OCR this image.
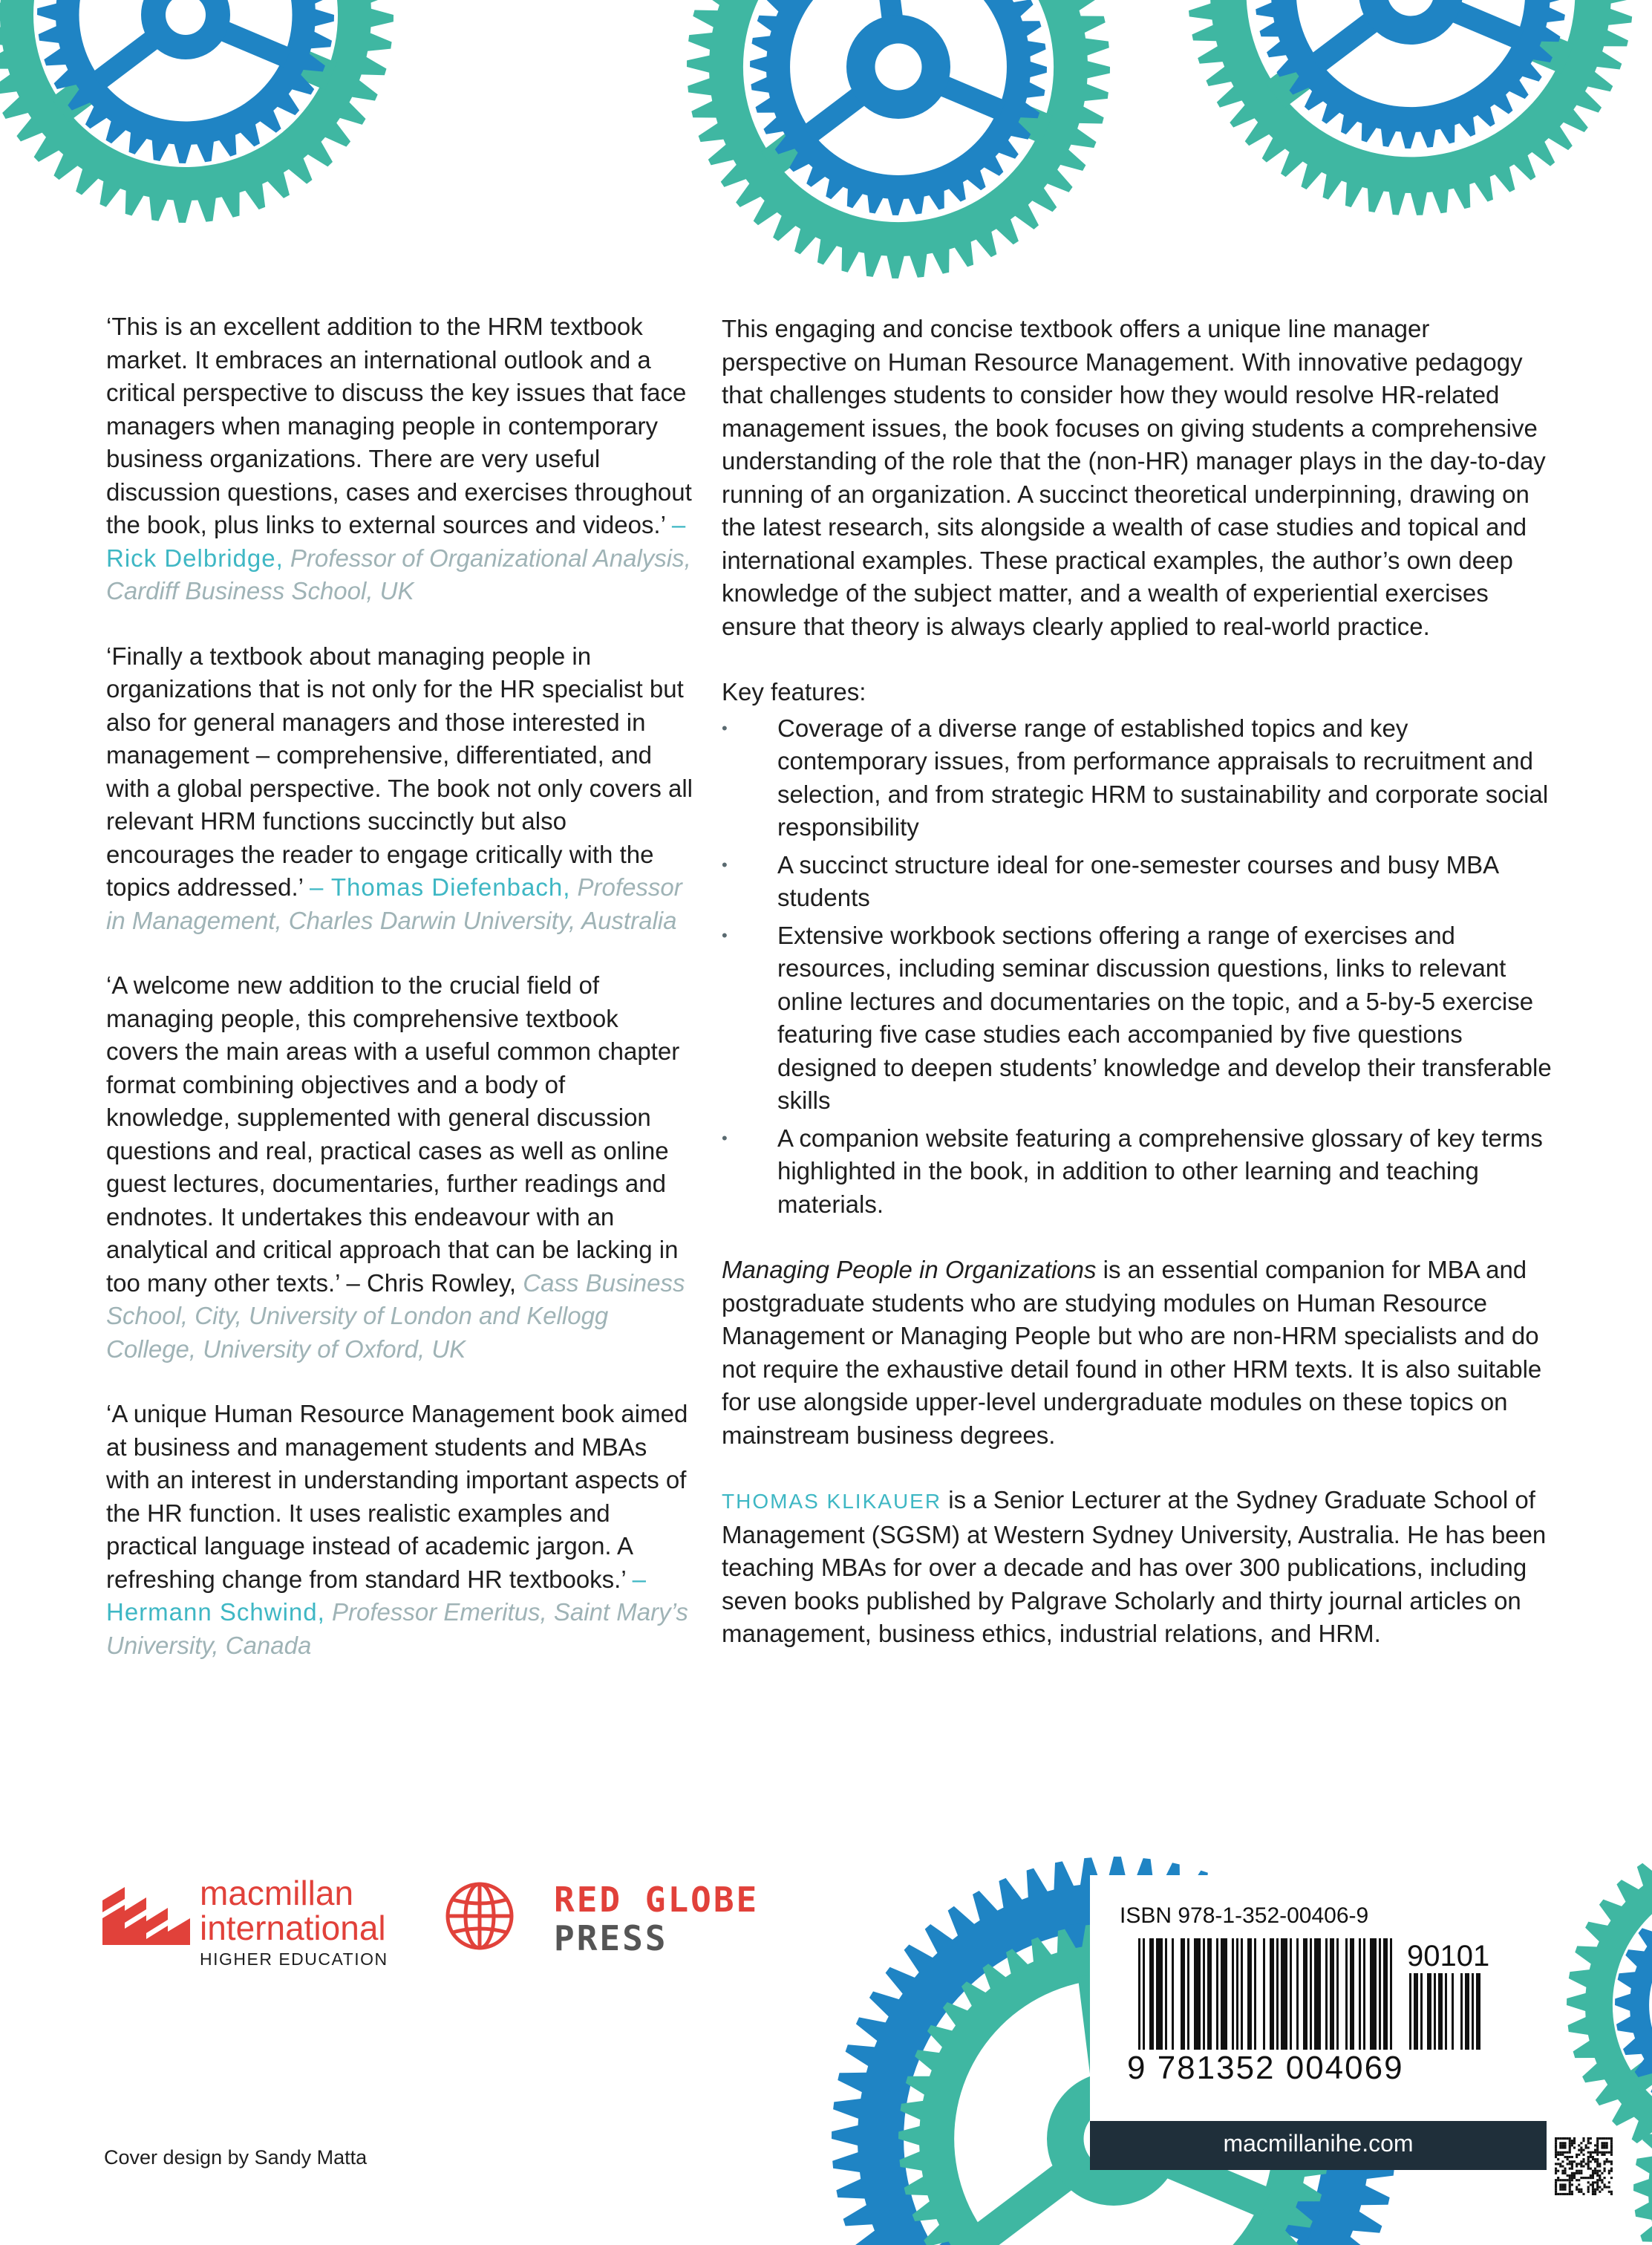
‘This is an excellent addition to the HRM textbook market. It embraces an international outlook and a critical perspective to discuss the key issues that face managers when managing people in contemporary business organizations. There are very useful discussion questions, cases and exercises throughout the book, plus links to external sources and videos.’ – Rick Delbridge, Professor of Organizational Analysis, Cardiff Business School, UK
‘Finally a textbook about managing people in organizations that is not only for the HR specialist but also for general managers and those interested in management – comprehensive, differentiated, and with a global perspective. The book not only covers all relevant HRM functions succinctly but also encourages the reader to engage critically with the topics addressed.’ – Thomas Diefenbach, Professor in Management, Charles Darwin University, Australia
‘A welcome new addition to the crucial field of managing people, this comprehensive textbook covers the main areas with a useful common chapter format combining objectives and a body of knowledge, supplemented with general discussion questions and real, practical cases as well as online guest lectures, documentaries, further readings and endnotes. It undertakes this endeavour with an analytical and critical approach that can be lacking in too many other texts.’ – Chris Rowley, Cass Business School, City, University of London and Kellogg College, University of Oxford, UK
‘A unique Human Resource Management book aimed at business and management students and MBAs with an interest in understanding important aspects of the HR function. It uses realistic examples and practical language instead of academic jargon. A refreshing change from standard HR textbooks.’ – Hermann Schwind, Professor Emeritus, Saint Mary’s University, Canada

This engaging and concise textbook offers a unique line manager perspective on Human Resource Management. With innovative pedagogy that challenges students to consider how they would resolve HR-related management issues, the book focuses on giving students a comprehensive understanding of the role that the (non-HR) manager plays in the day-to-day running of an organization. A succinct theoretical underpinning, drawing on the latest research, sits alongside a wealth of case studies and topical and international examples. These practical examples, the author’s own deep knowledge of the subject matter, and a wealth of experiential exercises ensure that theory is always clearly applied to real-world practice.

Key features:

• Coverage of a diverse range of established topics and key contemporary issues, from performance appraisals to recruitment and selection, and from strategic HRM to sustainability and corporate social responsibility
• A succinct structure ideal for one-semester courses and busy MBA students
• Extensive workbook sections offering a range of exercises and resources, including seminar discussion questions, links to relevant online lectures and documentaries on the topic, and a 5-by-5 exercise featuring five case studies each accompanied by five questions designed to deepen students’ knowledge and develop their transferable skills
• A companion website featuring a comprehensive glossary of key terms highlighted in the book, in addition to other learning and teaching materials.

Managing People in Organizations is an essential companion for MBA and postgraduate students who are studying modules on Human Resource Management or Managing People but who are non-HRM specialists and do not require the exhaustive detail found in other HRM texts. It is also suitable for use alongside upper-level undergraduate modules on these topics on mainstream business degrees.

THOMAS KLIKAUER is a Senior Lecturer at the Sydney Graduate School of Management (SGSM) at Western Sydney University, Australia. He has been teaching MBAs for over a decade and has over 300 publications, including seven books published by Palgrave Scholarly and thirty journal articles on management, business ethics, industrial relations, and HRM.

macmillan
international
HIGHER EDUCATION
RED GLOBE
PRESS
ISBN 978-1-352-00406-9
90101
9 781352 004069
macmillanihe.com
Cover design by Sandy Matta
